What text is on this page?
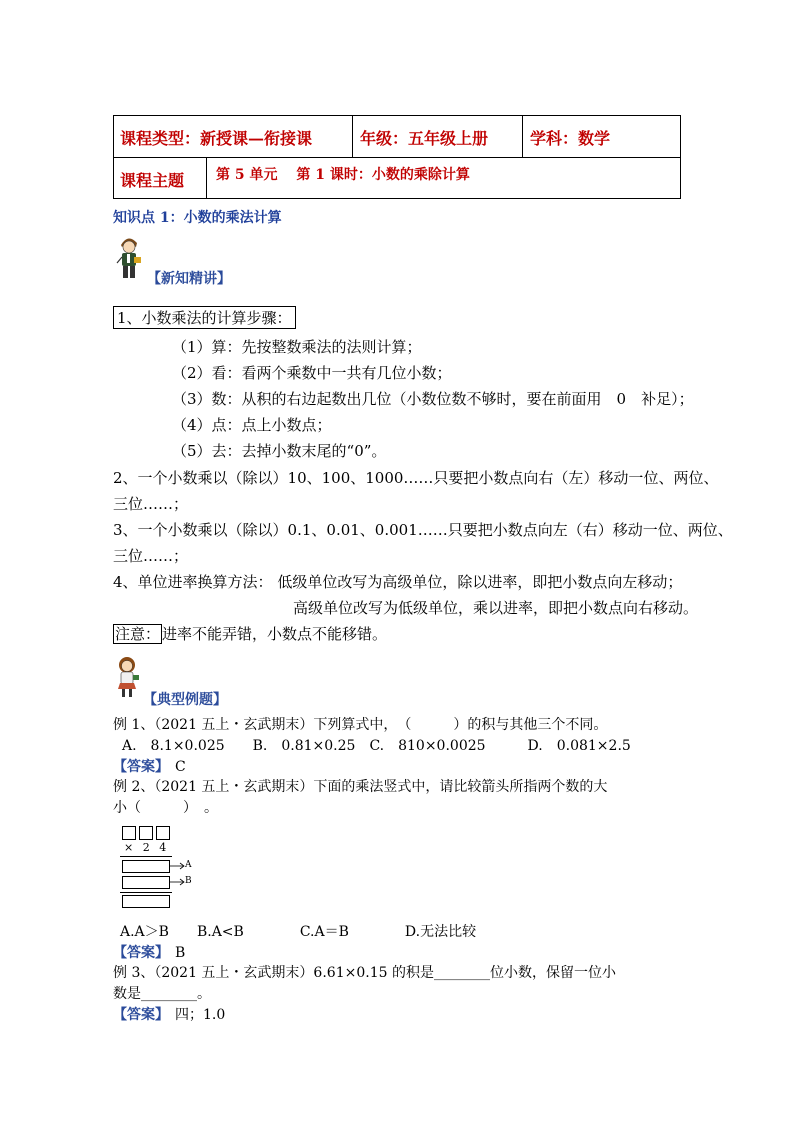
课程类型：新授课—衔接课	年级：五年级上册	学科：数学
课程主题 第 5 单元　 第 1 课时：小数的乘除计算
知识点 1：小数的乘法计算
【新知精讲】
1、小数乘法的计算步骤：
（1）算：先按整数乘法的法则计算；
（2）看：看两个乘数中一共有几位小数；
（3）数：从积的右边起数出几位（小数位数不够时，要在前面用　0　补足）；
（4）点：点上小数点；
（5）去：去掉小数末尾的“0”。
2、一个小数乘以（除以）10、100、1000……只要把小数点向右（左）移动一位、两位、
三位……；
3、一个小数乘以（除以）0.1、0.01、0.001……只要把小数点向左（右）移动一位、两位、
三位……；
4、单位进率换算方法： 低级单位改写为高级单位，除以进率，即把小数点向左移动；
高级单位改写为低级单位，乘以进率，即把小数点向右移动。
注意： 进率不能弄错，小数点不能移错。
【典型例题】
例 1、（2021 五上・玄武期末）下列算式中，　（　　　）的积与其他三个不同。
A.　8.1×0.025　　B.　0.81×0.25　C.　810×0.0025　　　D.　0.081×2.5
【答案】 C
例 2、（2021 五上・玄武期末）下面的乘法竖式中，请比较箭头所指两个数的大
小（　　　）　。
× 2 4
A
B
A.A＞B　　B.A<B　　　　C.A＝B　　　　D.无法比较
【答案】 B
例 3、（2021 五上・玄武期末）6.61×0.15 的积是________位小数，保留一位小
数是________。
【答案】 四；1.0
